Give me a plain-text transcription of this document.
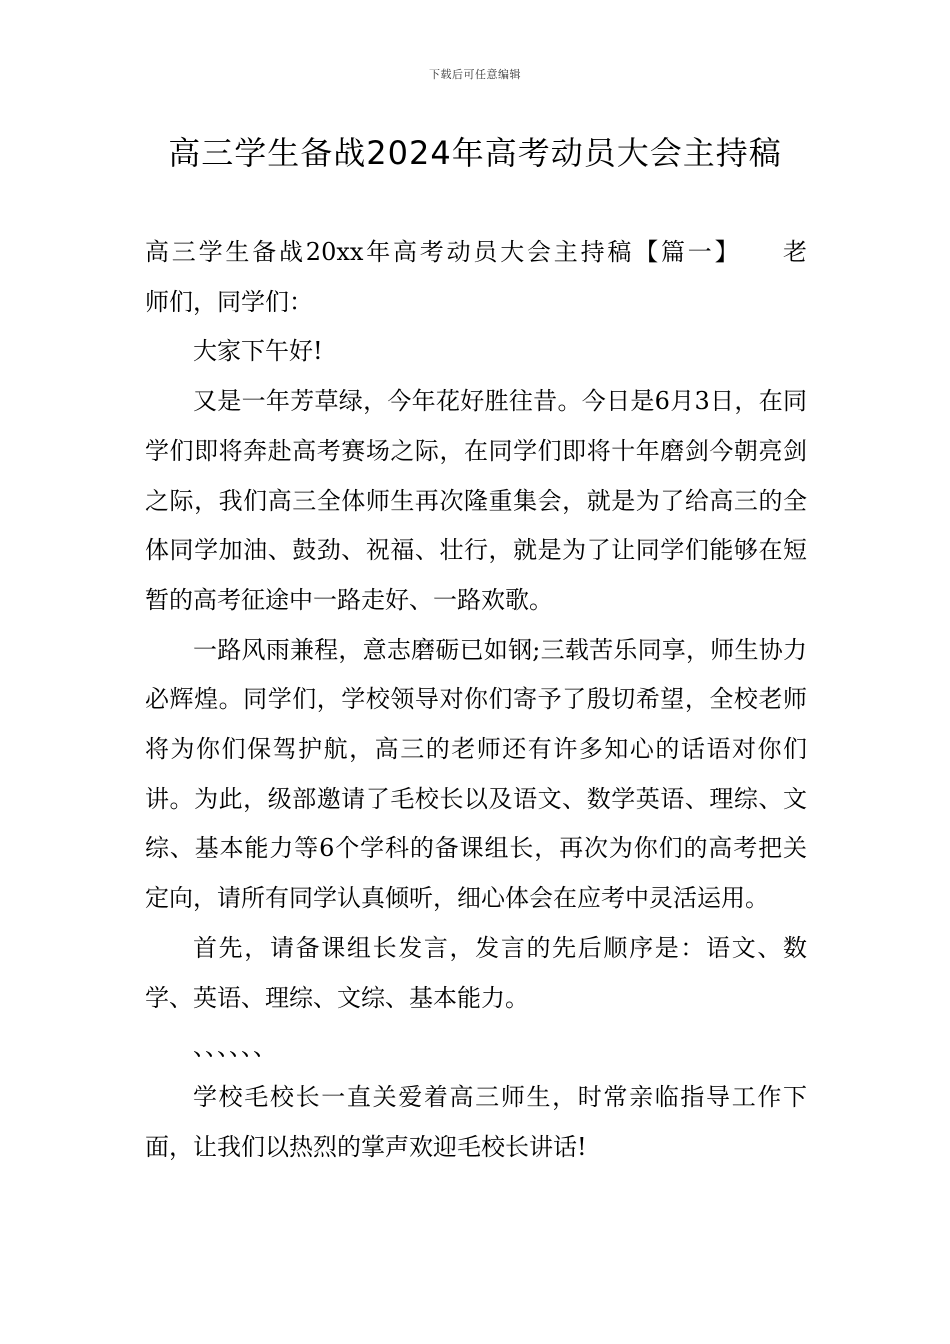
下载后可任意编辑
高三学生备战2024年高考动员大会主持稿

高三学生备战20xx年高考动员大会主持稿【篇一】　　老
师们，同学们：

大家下午好!

又是一年芳草绿，今年花好胜往昔。今日是6月3日，在同学们即将奔赴高考赛场之际，在同学们即将十年磨剑今朝亮剑之际，我们高三全体师生再次隆重集会，就是为了给高三的全体同学加油、鼓劲、祝福、壮行，就是为了让同学们能够在短暂的高考征途中一路走好、一路欢歌。

一路风雨兼程，意志磨砺已如钢;三载苦乐同享，师生协力必辉煌。同学们，学校领导对你们寄予了殷切希望，全校老师将为你们保驾护航，高三的老师还有许多知心的话语对你们讲。为此，级部邀请了毛校长以及语文、数学英语、理综、文综、基本能力等6个学科的备课组长，再次为你们的高考把关定向，请所有同学认真倾听，细心体会在应考中灵活运用。

首先，请备课组长发言，发言的先后顺序是：语文、数学、英语、理综、文综、基本能力。

、、、、、、

学校毛校长一直关爱着高三师生，时常亲临指导工作下面，让我们以热烈的掌声欢迎毛校长讲话!
